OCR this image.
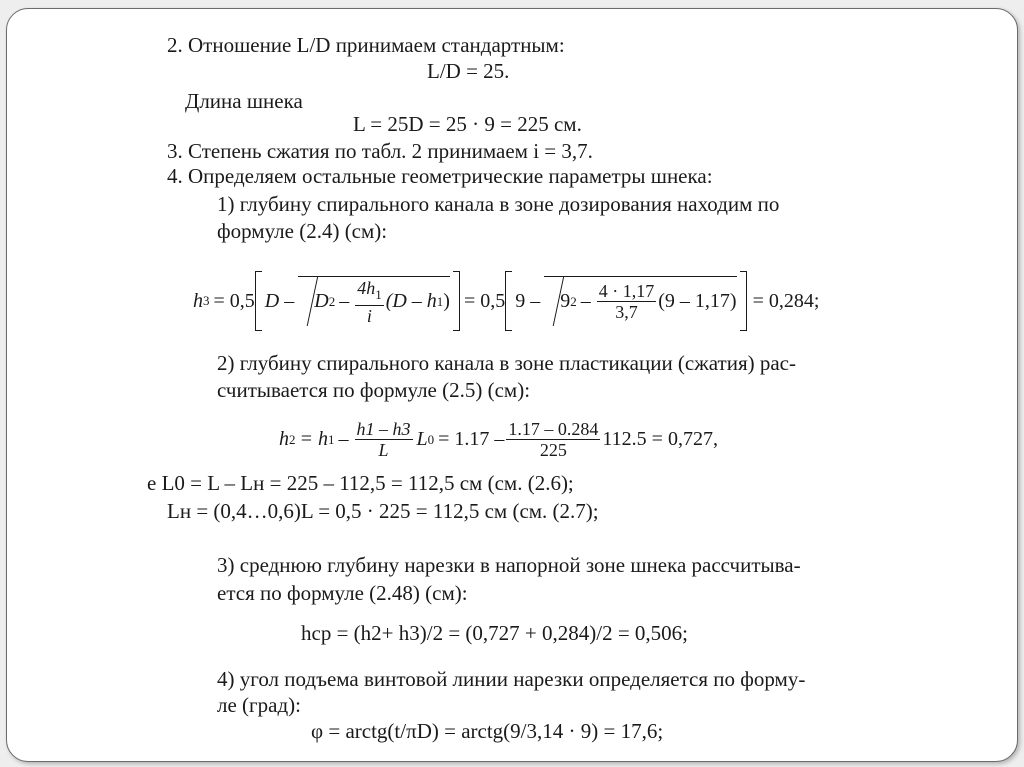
2. Отношение L/D принимаем стандартным:
L/D = 25.
Длина шнека
L = 25D = 25 · 9 = 225 см.
3. Степень сжатия по табл. 2 принимаем i = 3,7.
4. Определяем остальные геометрические параметры шнека:
1) глубину спирального канала в зоне дозирования находим по
формуле (2.4) (см):
h 3 = 0,5 D – D $2 - \frac{4h_1}{i} (D$ – h 1 ) = 0,5 9 – 9 $2 - \frac{4 \cdot 1,17}{3,7} (9 - 1,17) = 0,284$;
2) глубину спирального канала в зоне пластикации (сжатия) рас-
считывается по формуле (2.5) (см):
h 2 = h $1 - \frac{h1 - h3}{L}$ L $0 = 1.17 - \frac{1.17 - 0.284}{225} 112.5 = 0,727$,
e L0 = L – Lн = 225 – 112,5 = 112,5 см (см. (2.6);
Lн = (0,4…0,6)L = 0,5 · 225 = 112,5 см (см. (2.7);
3) среднюю глубину нарезки в напорной зоне шнека рассчитыва-
ется по формуле (2.48) (см):
hср = (h2+ h3)/2 = (0,727 + 0,284)/2 = 0,506;
4) угол подъема винтовой линии нарезки определяется по форму-
ле (град):
φ = arctg(t/πD) = arctg(9/3,14 · 9) = 17,6;
